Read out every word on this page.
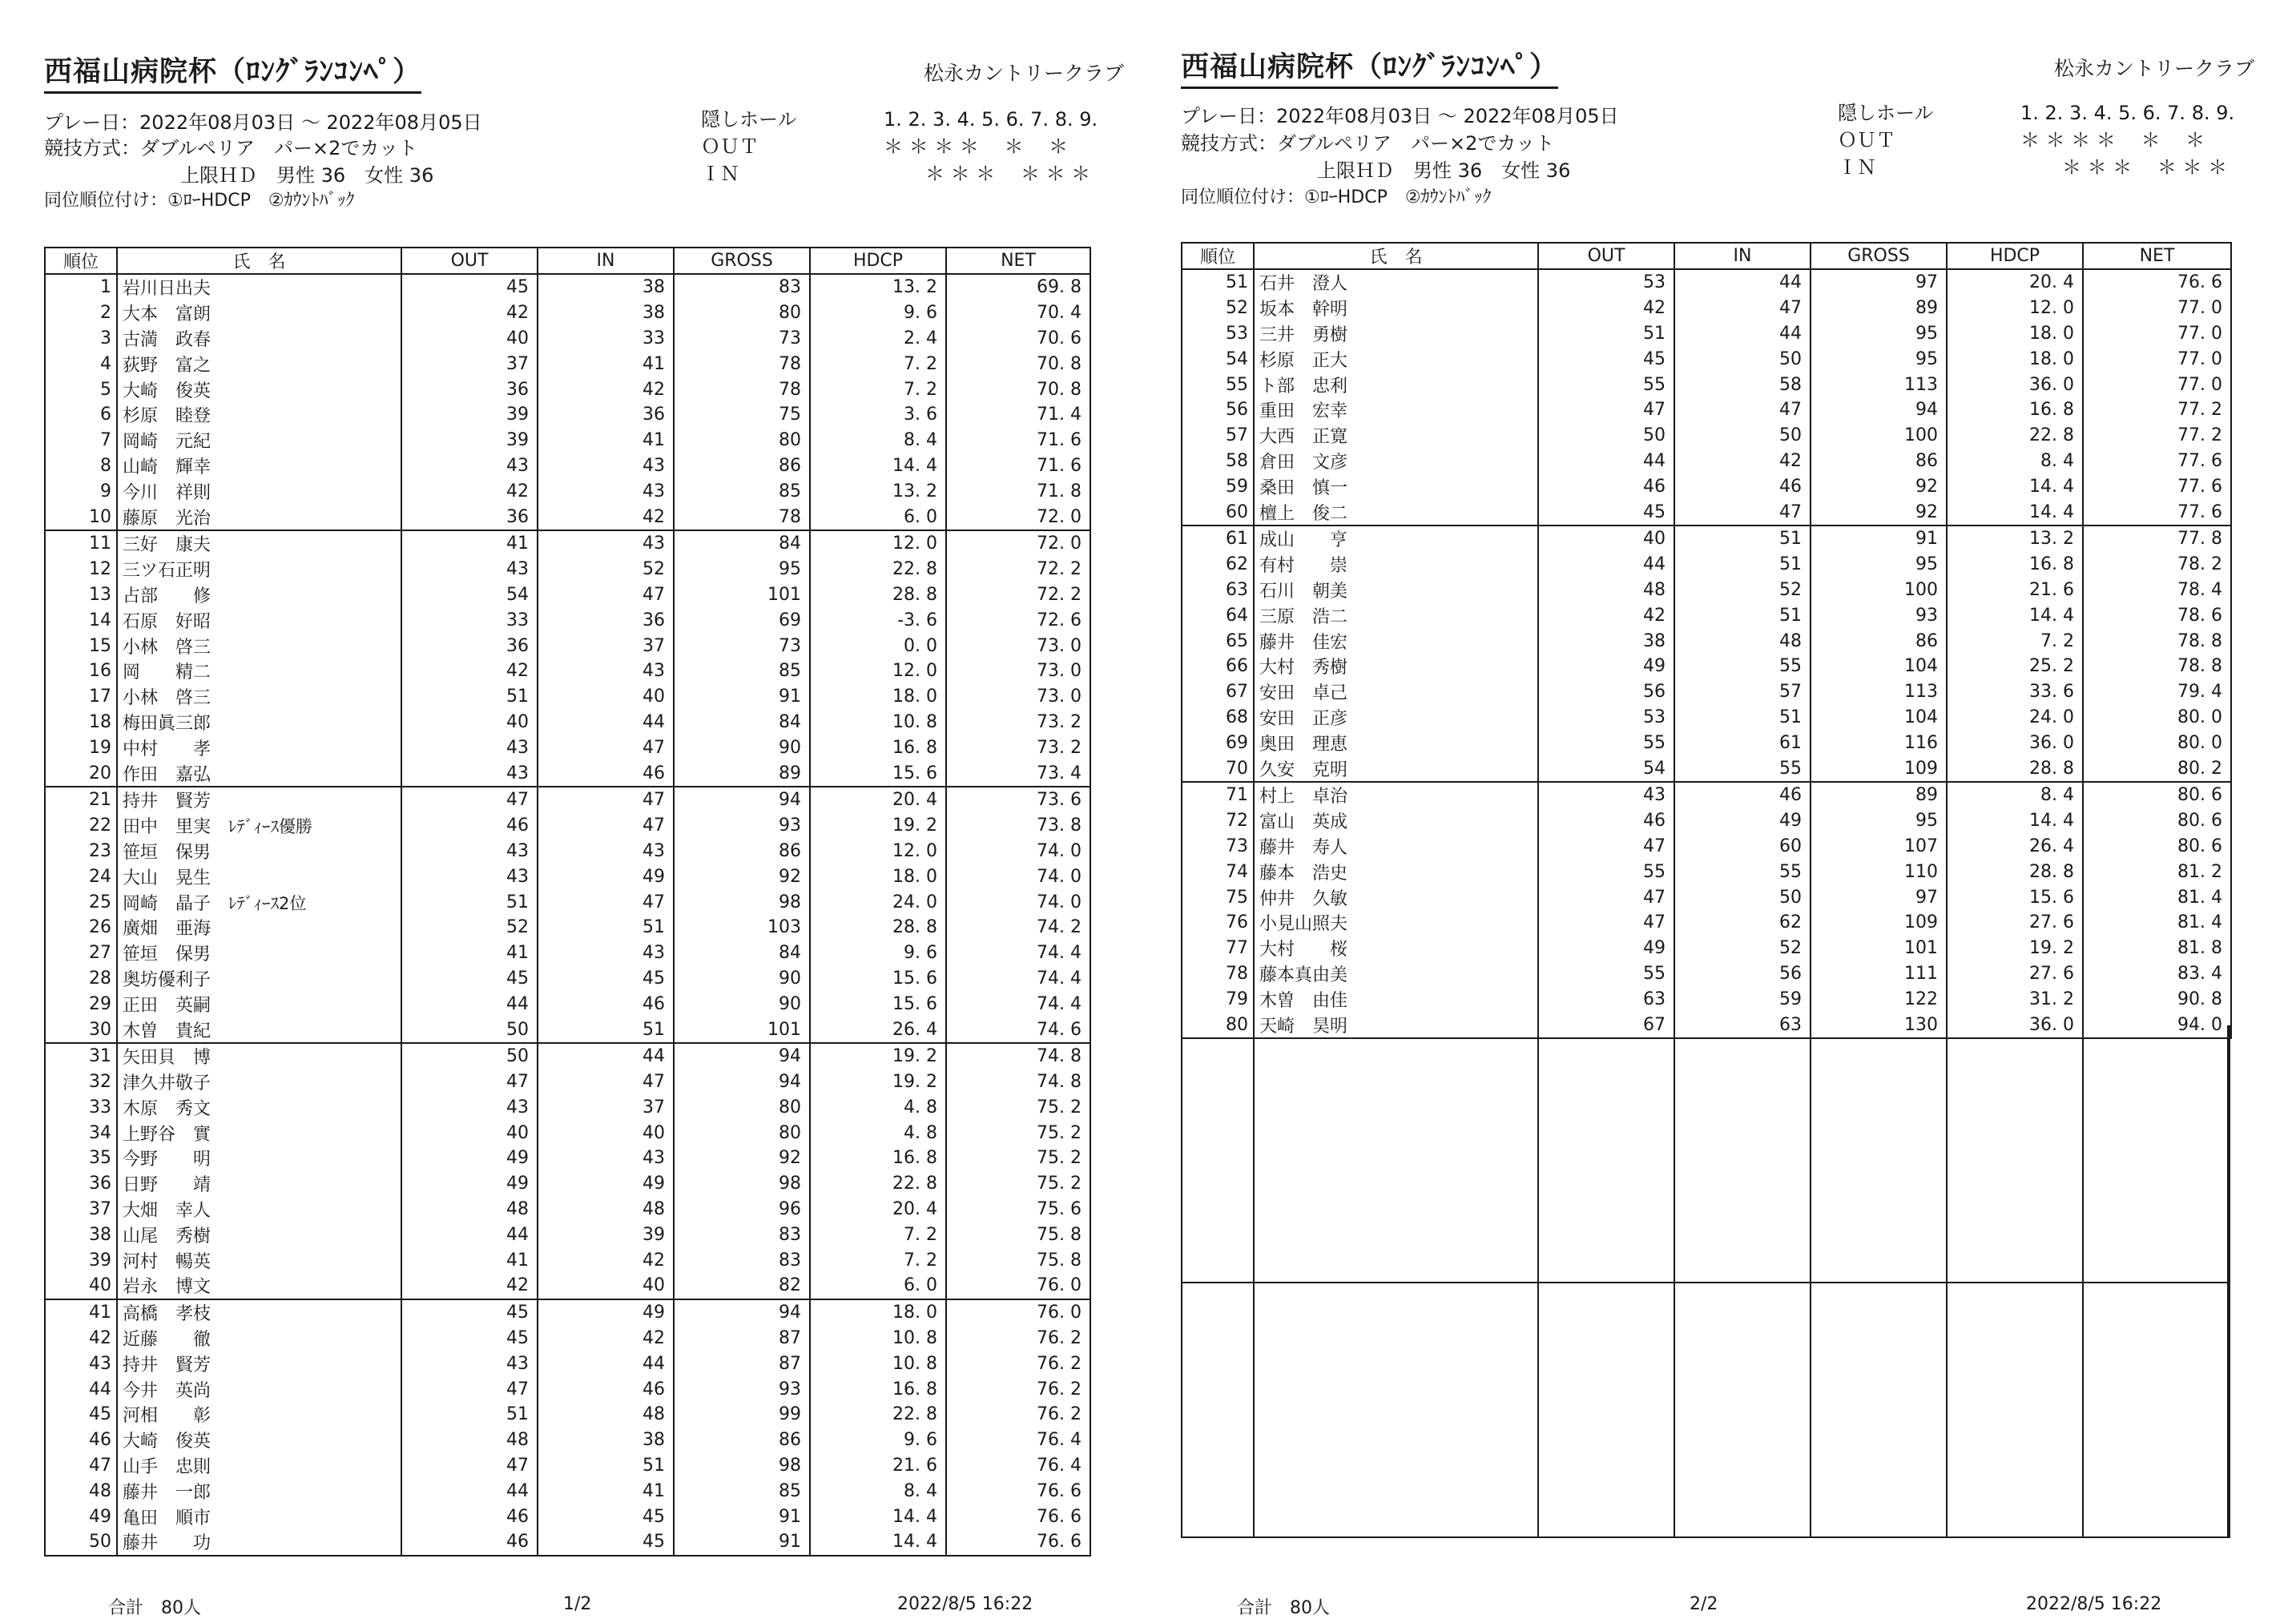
西福山病院杯（ﾛﾝｸﾞﾗﾝｺﾝﾍﾟ）	松永カントリークラブ
プレー日：2022年08月03日 ～ 2022年08月05日
競技方式：ダブルペリア　パー×2でカット
上限ＨＤ　男性 36　女性 36
同位順位付け：①ﾛｰHDCP　②ｶｳﾝﾄﾊﾞｯｸ
隠しホール	1. 2. 3. 4. 5. 6. 7. 8. 9.
ＯＵＴ	＊ ＊ ＊ ＊　 ＊　 ＊
ＩＮ	＊ ＊ ＊　 ＊ ＊ ＊
順位	氏　名	OUT	IN	GROSS	HDCP	NET
1	岩川日出夫	45	38	83	13. 2	69. 8
2	大本　富朗	42	38	80	9. 6	70. 4
3	古満　政春	40	33	73	2. 4	70. 6
4	荻野　富之	37	41	78	7. 2	70. 8
5	大崎　俊英	36	42	78	7. 2	70. 8
6	杉原　睦登	39	36	75	3. 6	71. 4
7	岡崎　元紀	39	41	80	8. 4	71. 6
8	山崎　輝幸	43	43	86	14. 4	71. 6
9	今川　祥則	42	43	85	13. 2	71. 8
10	藤原　光治	36	42	78	6. 0	72. 0
11	三好　康夫	41	43	84	12. 0	72. 0
12	三ツ石正明	43	52	95	22. 8	72. 2
13	占部　　修	54	47	101	28. 8	72. 2
14	石原　好昭	33	36	69	-3. 6	72. 6
15	小林　啓三	36	37	73	0. 0	73. 0
16	岡　　精二	42	43	85	12. 0	73. 0
17	小林　啓三	51	40	91	18. 0	73. 0
18	梅田眞三郎	40	44	84	10. 8	73. 2
19	中村　　孝	43	47	90	16. 8	73. 2
20	作田　嘉弘	43	46	89	15. 6	73. 4
21	持井　賢芳	47	47	94	20. 4	73. 6
22	田中　里実 ﾚﾃﾞｨｰｽ優勝	46	47	93	19. 2	73. 8
23	笹垣　保男	43	43	86	12. 0	74. 0
24	大山　晃生	43	49	92	18. 0	74. 0
25	岡崎　晶子 ﾚﾃﾞｨｰｽ2位	51	47	98	24. 0	74. 0
26	廣畑　亜海	52	51	103	28. 8	74. 2
27	笹垣　保男	41	43	84	9. 6	74. 4
28	奥坊優利子	45	45	90	15. 6	74. 4
29	正田　英嗣	44	46	90	15. 6	74. 4
30	木曽　貴紀	50	51	101	26. 4	74. 6
31	矢田貝　博	50	44	94	19. 2	74. 8
32	津久井敬子	47	47	94	19. 2	74. 8
33	木原　秀文	43	37	80	4. 8	75. 2
34	上野谷　實	40	40	80	4. 8	75. 2
35	今野　　明	49	43	92	16. 8	75. 2
36	日野　　靖	49	49	98	22. 8	75. 2
37	大畑　幸人	48	48	96	20. 4	75. 6
38	山尾　秀樹	44	39	83	7. 2	75. 8
39	河村　暢英	41	42	83	7. 2	75. 8
40	岩永　博文	42	40	82	6. 0	76. 0
41	高橋　孝枝	45	49	94	18. 0	76. 0
42	近藤　　徹	45	42	87	10. 8	76. 2
43	持井　賢芳	43	44	87	10. 8	76. 2
44	今井　英尚	47	46	93	16. 8	76. 2
45	河相　　彰	51	48	99	22. 8	76. 2
46	大崎　俊英	48	38	86	9. 6	76. 4
47	山手　忠則	47	51	98	21. 6	76. 4
48	藤井　一郎	44	41	85	8. 4	76. 6
49	亀田　順市	46	45	91	14. 4	76. 6
50	藤井　　功	46	45	91	14. 4	76. 6
合計　80人	1/2	2022/8/5 16:22
西福山病院杯（ﾛﾝｸﾞﾗﾝｺﾝﾍﾟ）	松永カントリークラブ
プレー日：2022年08月03日 ～ 2022年08月05日
競技方式：ダブルペリア　パー×2でカット
上限ＨＤ　男性 36　女性 36
同位順位付け：①ﾛｰHDCP　②ｶｳﾝﾄﾊﾞｯｸ
隠しホール	1. 2. 3. 4. 5. 6. 7. 8. 9.
ＯＵＴ	＊ ＊ ＊ ＊　 ＊　 ＊
ＩＮ	＊ ＊ ＊　 ＊ ＊ ＊
順位	氏　名	OUT	IN	GROSS	HDCP	NET
51	石井　澄人	53	44	97	20. 4	76. 6
52	坂本　幹明	42	47	89	12. 0	77. 0
53	三井　勇樹	51	44	95	18. 0	77. 0
54	杉原　正大	45	50	95	18. 0	77. 0
55	ト部　忠利	55	58	113	36. 0	77. 0
56	重田　宏幸	47	47	94	16. 8	77. 2
57	大西　正寛	50	50	100	22. 8	77. 2
58	倉田　文彦	44	42	86	8. 4	77. 6
59	桑田　慎一	46	46	92	14. 4	77. 6
60	檀上　俊二	45	47	92	14. 4	77. 6
61	成山　　亨	40	51	91	13. 2	77. 8
62	有村　　崇	44	51	95	16. 8	78. 2
63	石川　朝美	48	52	100	21. 6	78. 4
64	三原　浩二	42	51	93	14. 4	78. 6
65	藤井　佳宏	38	48	86	7. 2	78. 8
66	大村　秀樹	49	55	104	25. 2	78. 8
67	安田　卓己	56	57	113	33. 6	79. 4
68	安田　正彦	53	51	104	24. 0	80. 0
69	奥田　理恵	55	61	116	36. 0	80. 0
70	久安　克明	54	55	109	28. 8	80. 2
71	村上　卓治	43	46	89	8. 4	80. 6
72	富山　英成	46	49	95	14. 4	80. 6
73	藤井　寿人	47	60	107	26. 4	80. 6
74	藤本　浩史	55	55	110	28. 8	81. 2
75	仲井　久敏	47	50	97	15. 6	81. 4
76	小見山照夫	47	62	109	27. 6	81. 4
77	大村　　桜	49	52	101	19. 2	81. 8
78	藤本真由美	55	56	111	27. 6	83. 4
79	木曽　由佳	63	59	122	31. 2	90. 8
80	天崎　昊明	67	63	130	36. 0	94. 0
合計　80人	2/2	2022/8/5 16:22
